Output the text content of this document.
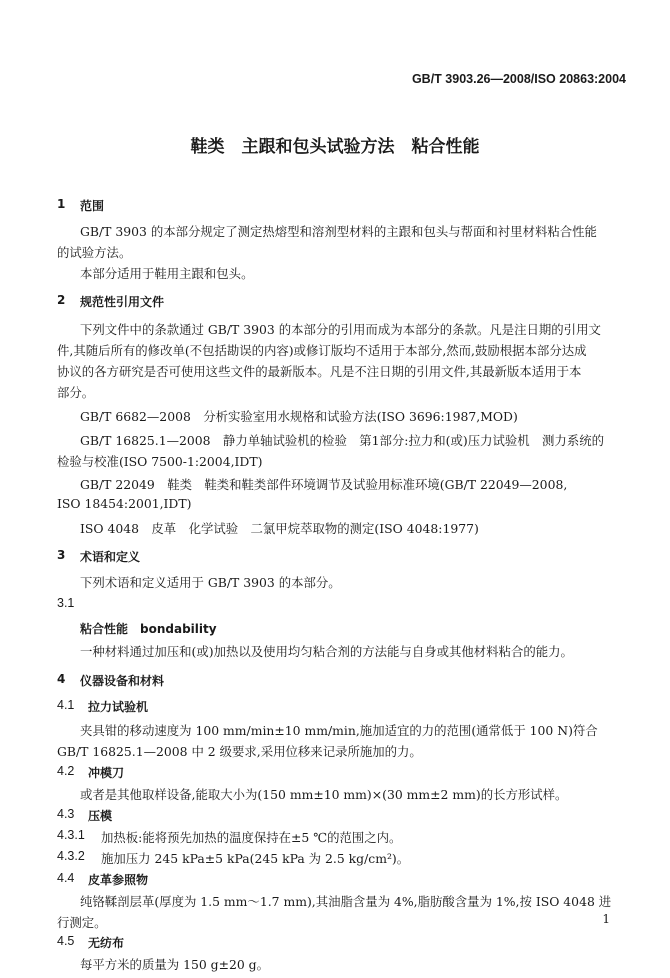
GB/T 3903.26—2008/ISO 20863:2004
鞋类　主跟和包头试验方法　粘合性能
1 范围
GB/T 3903 的本部分规定了测定热熔型和溶剂型材料的主跟和包头与帮面和衬里材料粘合性能
的试验方法。
本部分适用于鞋用主跟和包头。
2 规范性引用文件
下列文件中的条款通过 GB/T 3903 的本部分的引用而成为本部分的条款。凡是注日期的引用文
件,其随后所有的修改单(不包括勘误的内容)或修订版均不适用于本部分,然而,鼓励根据本部分达成
协议的各方研究是否可使用这些文件的最新版本。凡是不注日期的引用文件,其最新版本适用于本
部分。
GB/T 6682—2008　分析实验室用水规格和试验方法(ISO 3696:1987,MOD)
GB/T 16825.1—2008　静力单轴试验机的检验　第1部分:拉力和(或)压力试验机　测力系统的
检验与校准(ISO 7500-1:2004,IDT)
GB/T 22049　鞋类　鞋类和鞋类部件环境调节及试验用标准环境(GB/T 22049—2008,
ISO 18454:2001,IDT)
ISO 4048　皮革　化学试验　二氯甲烷萃取物的测定(ISO 4048:1977)
3 术语和定义
下列术语和定义适用于 GB/T 3903 的本部分。
3.1
粘合性能　bondability
一种材料通过加压和(或)加热以及使用均匀粘合剂的方法能与自身或其他材料粘合的能力。
4 仪器设备和材料
4.1 拉力试验机
夹具钳的移动速度为 100 mm/min±10 mm/min,施加适宜的力的范围(通常低于 100 N)符合
GB/T 16825.1—2008 中 2 级要求,采用位移来记录所施加的力。
4.2 冲模刀
或者是其他取样设备,能取大小为(150 mm±10 mm)×(30 mm±2 mm)的长方形试样。
4.3 压模
4.3.1 加热板:能将预先加热的温度保持在±5 ℃的范围之内。
4.3.2 施加压力 245 kPa±5 kPa(245 kPa 为 2.5 kg/cm²)。
4.4 皮革参照物
纯铬鞣剖层革(厚度为 1.5 mm～1.7 mm),其油脂含量为 4%,脂肪酸含量为 1%,按 ISO 4048 进
行测定。
4.5
1
无纺布
每平方米的质量为 150 g±20 g。
